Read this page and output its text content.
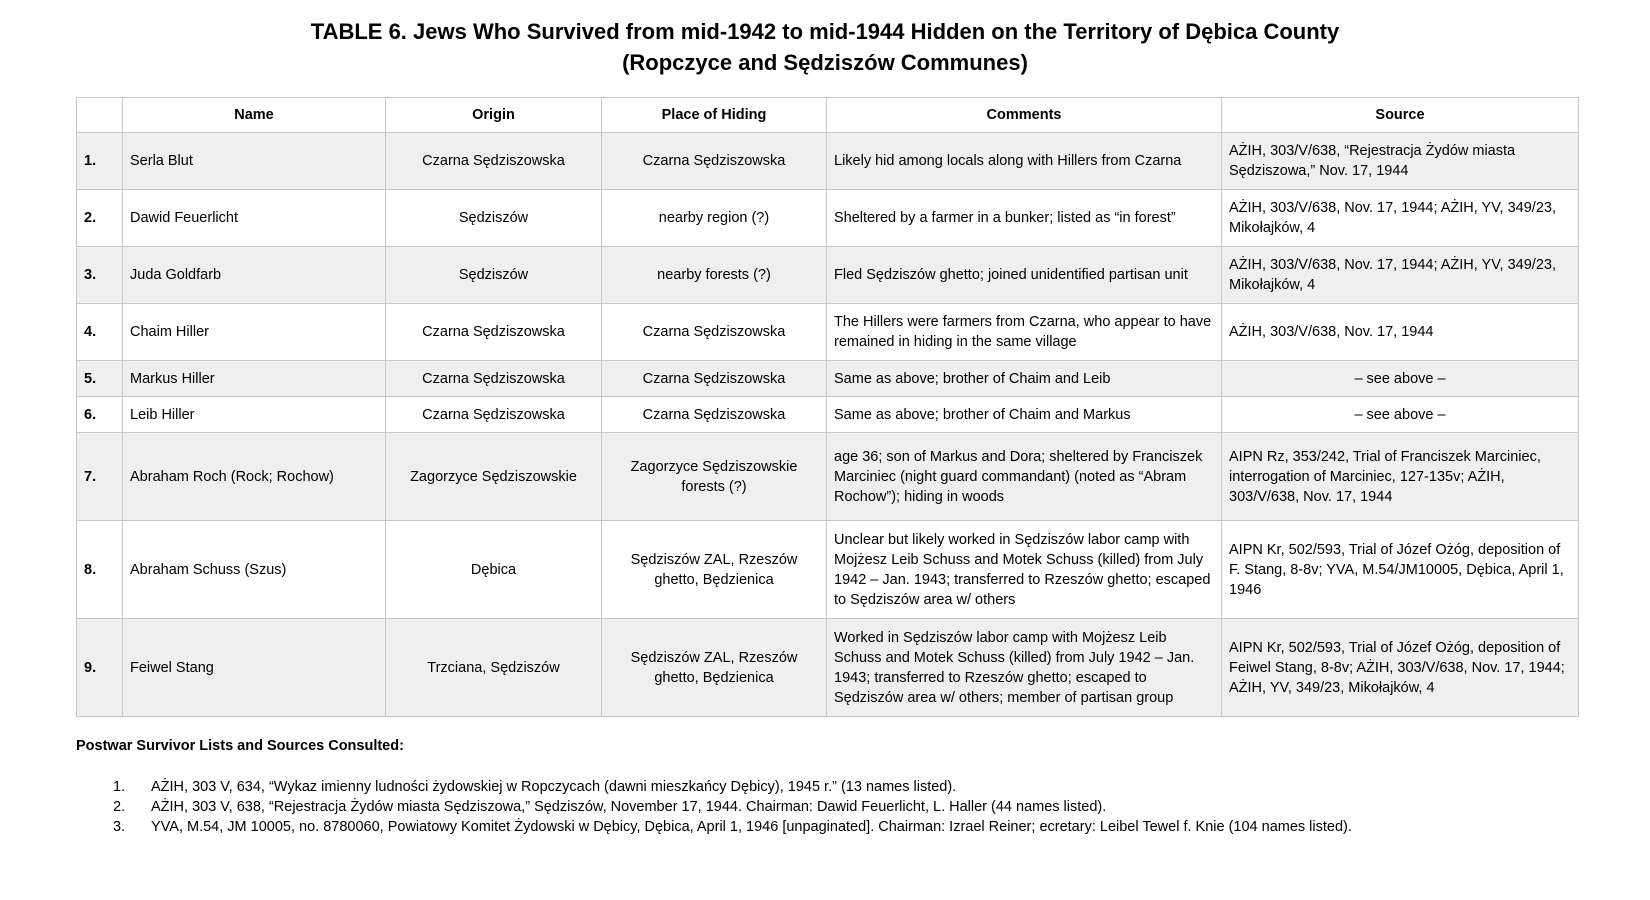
TABLE 6. Jews Who Survived from mid-1942 to mid-1944 Hidden on the Territory of Dębica County
(Ropczyce and Sędziszów Communes)
	Name	Origin	Place of Hiding	Comments	Source
1.	Serla Blut	Czarna Sędziszowska	Czarna Sędziszowska	Likely hid among locals along with Hillers from Czarna	AŻIH, 303/V/638, “Rejestracja Żydów miasta Sędziszowa,” Nov. 17, 1944
2.	Dawid Feuerlicht	Sędziszów	nearby region (?)	Sheltered by a farmer in a bunker; listed as “in forest”	AŻIH, 303/V/638, Nov. 17, 1944; AŻIH, YV, 349/23, Mikołajków, 4
3.	Juda Goldfarb	Sędziszów	nearby forests (?)	Fled Sędziszów ghetto; joined unidentified partisan unit	AŻIH, 303/V/638, Nov. 17, 1944; AŻIH, YV, 349/23, Mikołajków, 4
4.	Chaim Hiller	Czarna Sędziszowska	Czarna Sędziszowska	The Hillers were farmers from Czarna, who appear to have remained in hiding in the same village	AŻIH, 303/V/638, Nov. 17, 1944
5.	Markus Hiller	Czarna Sędziszowska	Czarna Sędziszowska	Same as above; brother of Chaim and Leib	– see above –
6.	Leib Hiller	Czarna Sędziszowska	Czarna Sędziszowska	Same as above; brother of Chaim and Markus	– see above –
7.	Abraham Roch (Rock; Rochow)	Zagorzyce Sędziszowskie	Zagorzyce Sędziszowskie forests (?)	age 36; son of Markus and Dora; sheltered by Franciszek Marciniec (night guard commandant) (noted as “Abram Rochow”); hiding in woods	AIPN Rz, 353/242, Trial of Franciszek Marciniec, interrogation of Marciniec, 127-135v; AŻIH, 303/V/638, Nov. 17, 1944
8.	Abraham Schuss (Szus)	Dębica	Sędziszów ZAL, Rzeszów ghetto, Będzienica	Unclear but likely worked in Sędziszów labor camp with Mojżesz Leib Schuss and Motek Schuss (killed) from July 1942 – Jan. 1943; transferred to Rzeszów ghetto; escaped to Sędziszów area w/ others	AIPN Kr, 502/593, Trial of Józef Ożóg, deposition of F. Stang, 8-8v; YVA, M.54/JM10005, Dębica, April 1, 1946
9.	Feiwel Stang	Trzciana, Sędziszów	Sędziszów ZAL, Rzeszów ghetto, Będzienica	Worked in Sędziszów labor camp with Mojżesz Leib Schuss and Motek Schuss (killed) from July 1942 – Jan. 1943; transferred to Rzeszów ghetto; escaped to Sędziszów area w/ others; member of partisan group	AIPN Kr, 502/593, Trial of Józef Ożóg, deposition of Feiwel Stang, 8-8v; AŻIH, 303/V/638, Nov. 17, 1944; AŻIH, YV, 349/23, Mikołajków, 4
Postwar Survivor Lists and Sources Consulted:
1. AŻIH, 303 V, 634, “Wykaz imienny ludności żydowskiej w Ropczycach (dawni mieszkańcy Dębicy), 1945 r.” (13 names listed).
2. AŻIH, 303 V, 638, “Rejestracja Żydów miasta Sędziszowa,” Sędziszów, November 17, 1944. Chairman: Dawid Feuerlicht, L. Haller (44 names listed).
3. YVA, M.54, JM 10005, no. 8780060, Powiatowy Komitet Żydowski w Dębicy, Dębica, April 1, 1946 [unpaginated]. Chairman: Izrael Reiner; ecretary: Leibel Tewel f. Knie (104 names listed).
